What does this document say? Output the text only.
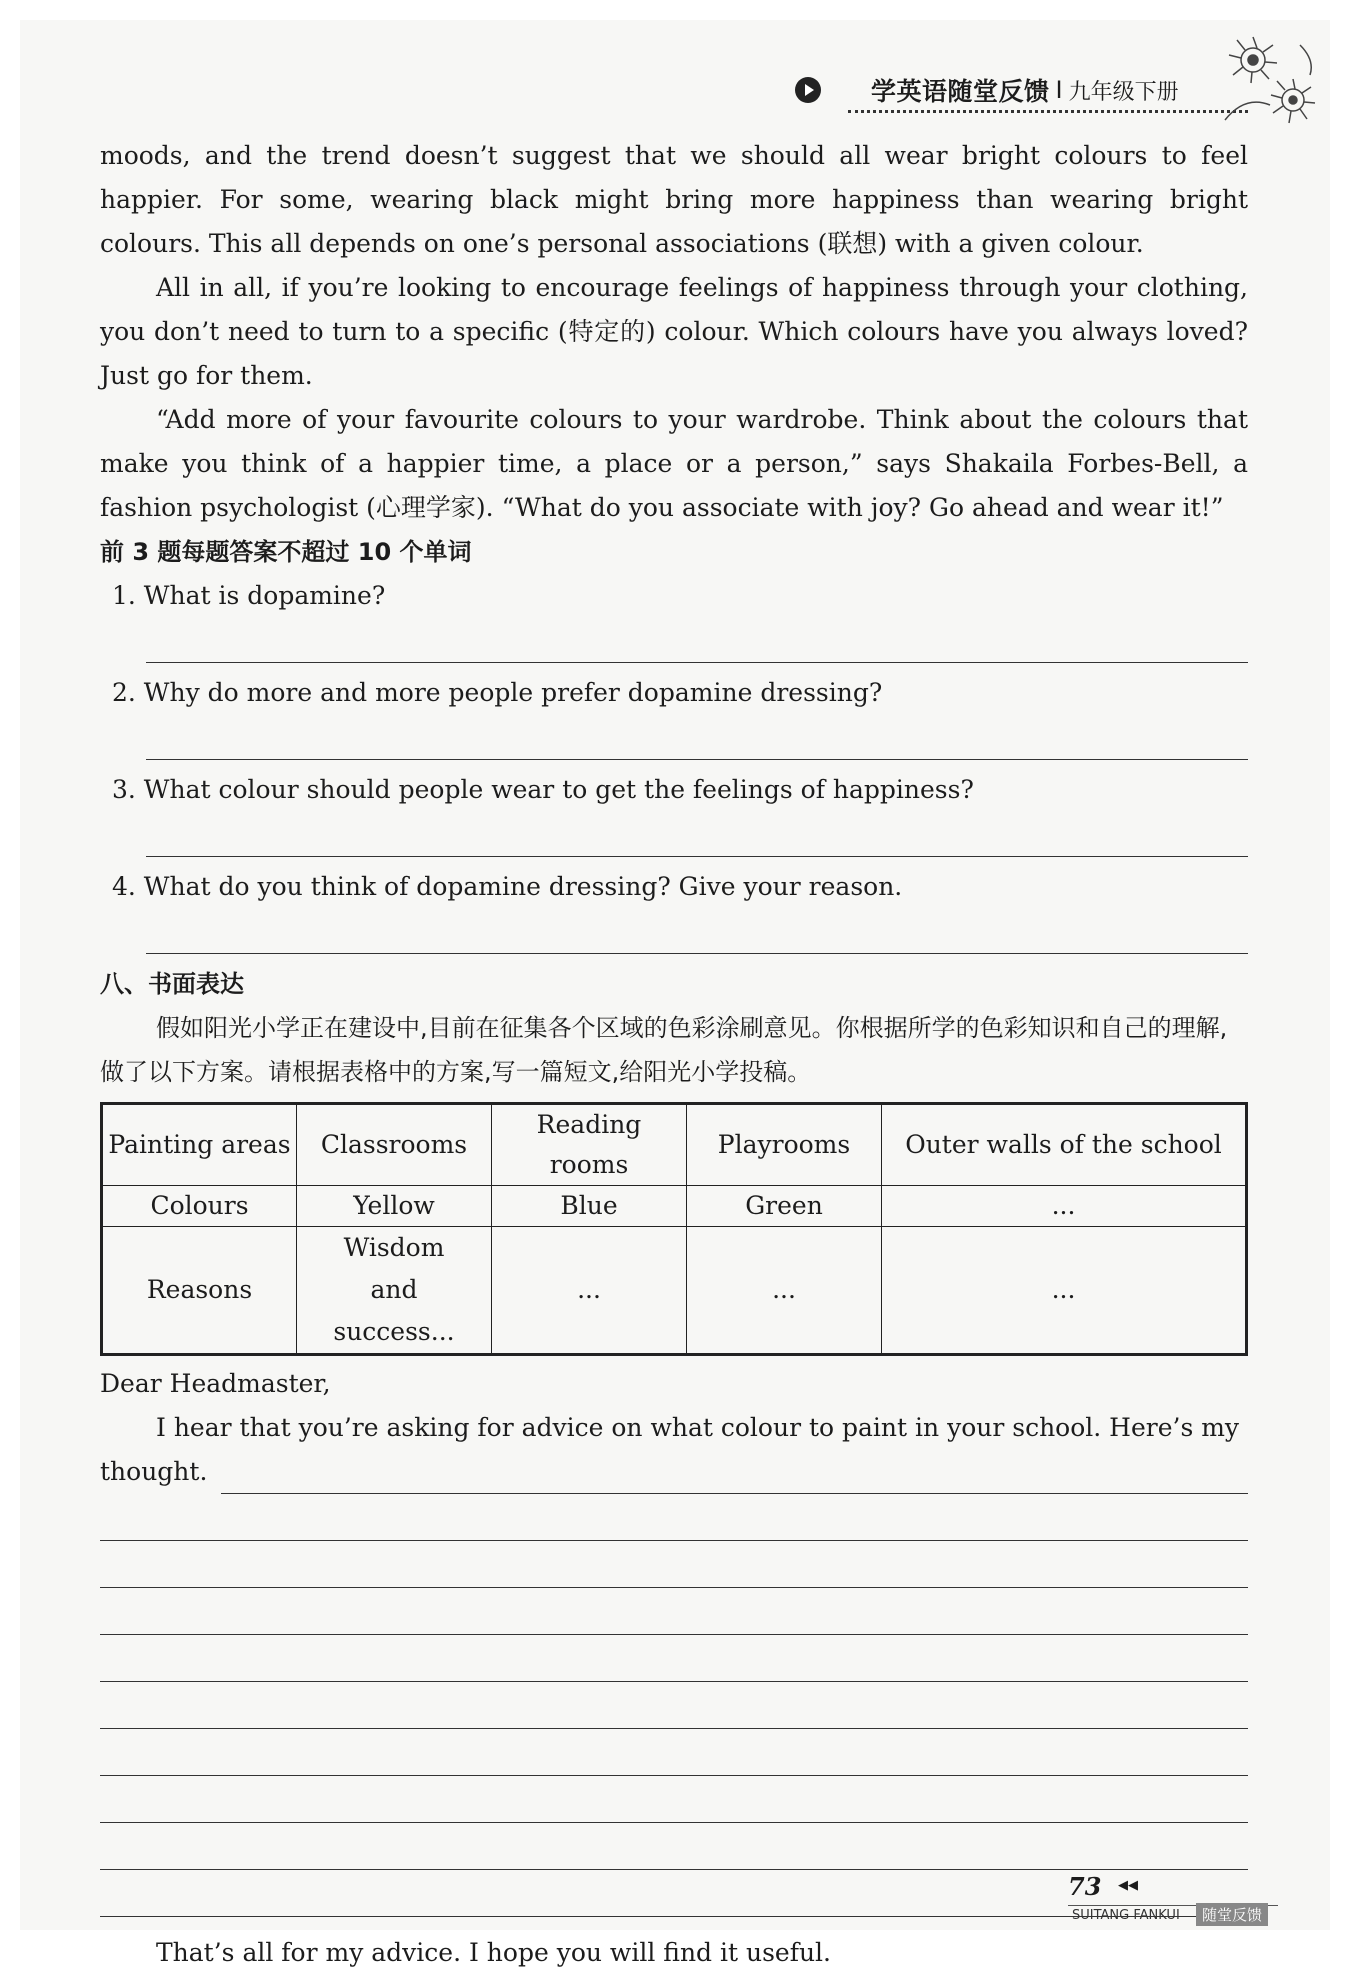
学英语随堂反馈 I 九年级下册

moods, and the trend doesn’t suggest that we should all wear bright colours to feel happier. For some, wearing black might bring more happiness than wearing bright colours. This all depends on one’s personal associations (联想) with a given colour.

All in all, if you’re looking to encourage feelings of happiness through your clothing, you don’t need to turn to a specific (特定的) colour. Which colours have you always loved? Just go for them.

“Add more of your favourite colours to your wardrobe. Think about the colours that make you think of a happier time, a place or a person,” says Shakaila Forbes-Bell, a fashion psychologist (心理学家). “What do you associate with joy? Go ahead and wear it!”

前 3 题每题答案不超过 10 个单词

1. What is dopamine?

2. Why do more and more people prefer dopamine dressing?

3. What colour should people wear to get the feelings of happiness?

4. What do you think of dopamine dressing? Give your reason.

八、书面表达

假如阳光小学正在建设中,目前在征集各个区域的色彩涂刷意见。你根据所学的色彩知识和自己的理解,做了以下方案。请根据表格中的方案,写一篇短文,给阳光小学投稿。

Painting areas	Classrooms	Reading rooms	Playrooms	Outer walls of the school
Colours	Yellow	Blue	Green	...
Reasons	Wisdom and success...	...	...	...

Dear Headmaster,

I hear that you’re asking for advice on what colour to paint in your school. Here’s my

thought.

That’s all for my advice. I hope you will find it useful.

73 ◀◀
SUITANG FANKUI	随堂反馈
